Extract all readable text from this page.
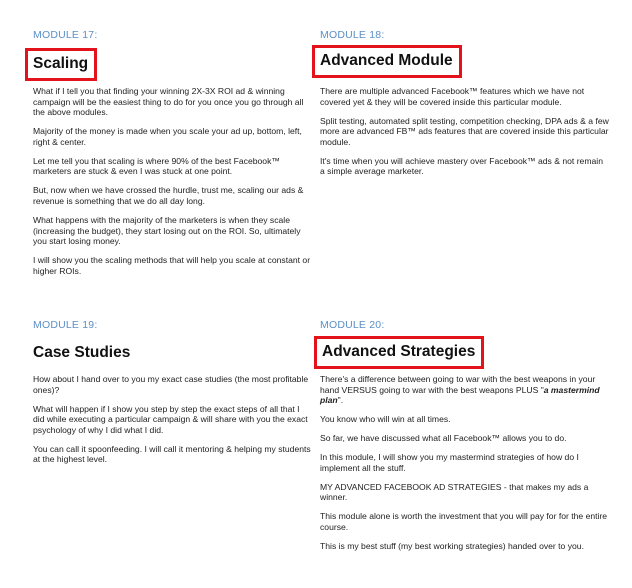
MODULE 17:
Scaling

What if I tell you that finding your winning 2X-3X ROI ad & winning campaign will be the easiest thing to do for you once you go through all the above modules.

Majority of the money is made when you scale your ad up, bottom, left, right & center.

Let me tell you that scaling is where 90% of the best Facebook™ marketers are stuck & even I was stuck at one point.

But, now when we have crossed the hurdle, trust me, scaling our ads & revenue is something that we do all day long.

What happens with the majority of the marketers is when they scale (increasing the budget), they start losing out on the ROI. So, ultimately you start losing money.

I will show you the scaling methods that will help you scale at constant or higher ROIs.

MODULE 18:
Advanced Module

There are multiple advanced Facebook™ features which we have not covered yet & they will be covered inside this particular module.

Split testing, automated split testing, competition checking, DPA ads & a few more are advanced FB™ ads features that are covered inside this particular module.

It's time when you will achieve mastery over Facebook™ ads & not remain a simple average marketer.

MODULE 19:
Case Studies

How about I hand over to you my exact case studies (the most profitable ones)?

What will happen if I show you step by step the exact steps of all that I did while executing a particular campaign & will share with you the exact psychology of why I did what I did.

You can call it spoonfeeding. I will call it mentoring & helping my students at the highest level.

MODULE 20:
Advanced Strategies

There's a difference between going to war with the best weapons in your hand VERSUS going to war with the best weapons PLUS "a mastermind plan".

You know who will win at all times.

So far, we have discussed what all Facebook™ allows you to do.

In this module, I will show you my mastermind strategies of how do I implement all the stuff.

MY ADVANCED FACEBOOK AD STRATEGIES - that makes my ads a winner.

This module alone is worth the investment that you will pay for for the entire course.

This is my best stuff (my best working strategies) handed over to you.
